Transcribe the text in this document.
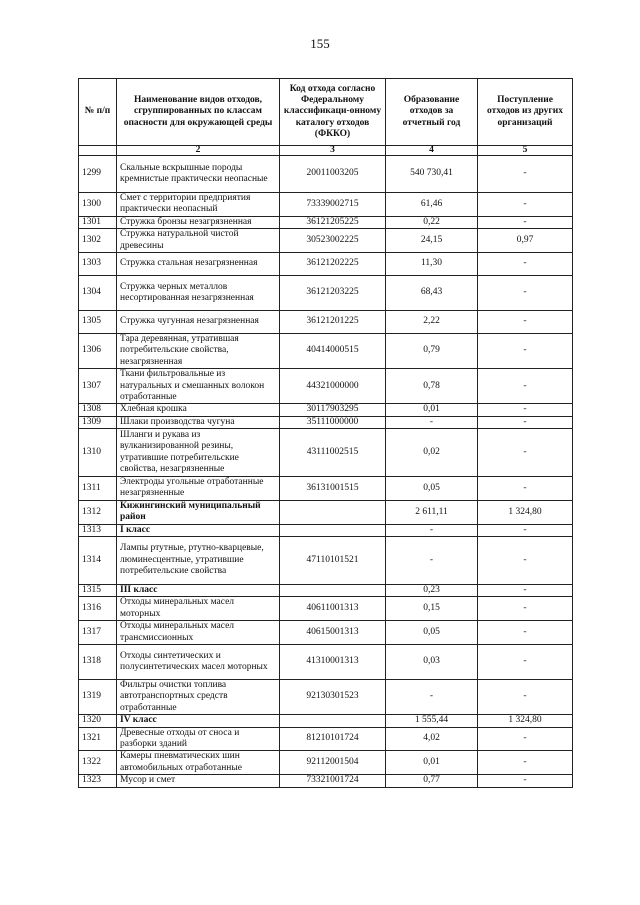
155
№ п/п	Наименование видов отходов, сгруппированных по классам опасности для окружающей среды	Код отхода согласно Федеральному классификаци-онному каталогу отходов (ФККО)	Образование отходов за отчетный год	Поступление отходов из других организаций
	2	3	4	5
1299	Скальные вскрышные породы кремнистые практически неопасные	20011003205	540 730,41	-
1300	Смет с территории предприятия практически неопасный	73339002715	61,46	-
1301	Стружка бронзы незагрязненная	36121205225	0,22	-
1302	Стружка натуральной чистой древесины	30523002225	24,15	0,97
1303	Стружка стальная незагрязненная	36121202225	11,30	-
1304	Стружка черных металлов несортированная незагрязненная	36121203225	68,43	-
1305	Стружка чугунная незагрязненная	36121201225	2,22	-
1306	Тара деревянная, утратившая потребительские свойства, незагрязненная	40414000515	0,79	-
1307	Ткани фильтровальные из натуральных и смешанных волокон отработанные	44321000000	0,78	-
1308	Хлебная крошка	30117903295	0,01	-
1309	Шлаки производства чугуна	35111000000	-	-
1310	Шланги и рукава из вулканизированной резины, утратившие потребительские свойства, незагрязненные	43111002515	0,02	-
1311	Электроды угольные отработанные незагрязненные	36131001515	0,05	-
1312	Кижингинский муниципальный район		2 611,11	1 324,80
1313	I класс		-	-
1314	Лампы ртутные, ртутно-кварцевые, люминесцентные, утратившие потребительские свойства	47110101521	-	-
1315	III класс		0,23	-
1316	Отходы минеральных масел моторных	40611001313	0,15	-
1317	Отходы минеральных масел трансмиссионных	40615001313	0,05	-
1318	Отходы синтетических и полусинтетических масел моторных	41310001313	0,03	-
1319	Фильтры очистки топлива автотранспортных средств отработанные	92130301523	-	-
1320	IV класс		1 555,44	1 324,80
1321	Древесные отходы от сноса и разборки зданий	81210101724	4,02	-
1322	Камеры пневматических шин автомобильных отработанные	92112001504	0,01	-
1323	Мусор и смет	73321001724	0,77	-
